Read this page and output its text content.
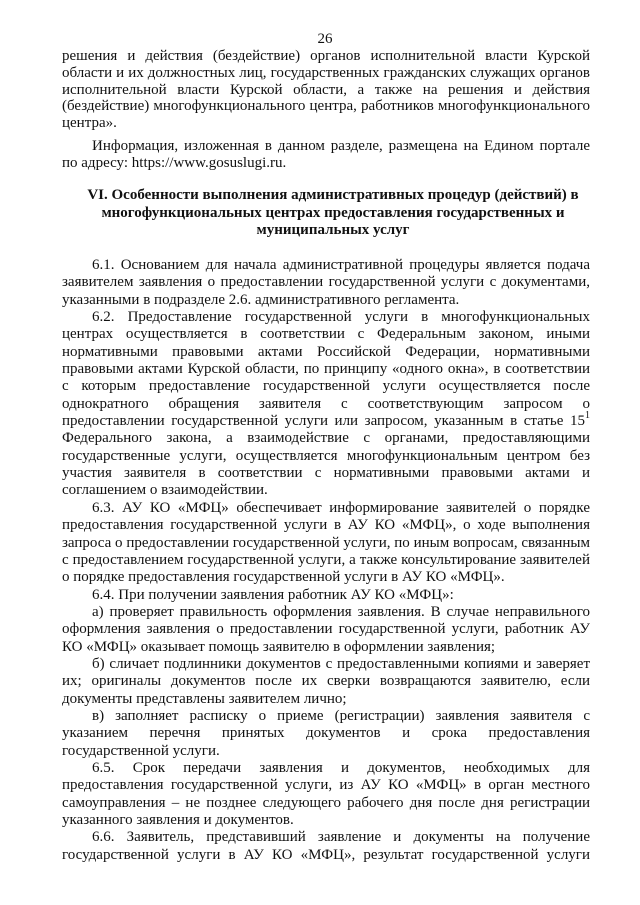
26
решения и действия (бездействие) органов исполнительной власти Курской
области и их должностных лиц, государственных гражданских служащих органов
исполнительной власти Курской области, а также на решения и действия
(бездействие) многофункционального центра, работников многофункционального
центра».
Информация, изложенная в данном разделе, размещена на Едином портале
по адресу: https://www.gosuslugi.ru.
VI. Особенности выполнения административных процедур (действий) в
многофункциональных центрах предоставления государственных и
муниципальных услуг
6.1. Основанием для начала административной процедуры является подача
заявителем заявления о предоставлении государственной услуги с документами,
указанными в подразделе 2.6. административного регламента.
6.2. Предоставление государственной услуги в многофункциональных
центрах осуществляется в соответствии с Федеральным законом, иными
нормативными правовыми актами Российской Федерации, нормативными
правовыми актами Курской области, по принципу «одного окна», в соответствии
с которым предоставление государственной услуги осуществляется после
однократного обращения заявителя с соответствующим запросом о
предоставлении государственной услуги или запросом, указанным в статье $15^1$
Федерального закона, а взаимодействие с органами, предоставляющими
государственные услуги, осуществляется многофункциональным центром без
участия заявителя в соответствии с нормативными правовыми актами и
соглашением о взаимодействии.
6.3. АУ КО «МФЦ» обеспечивает информирование заявителей о порядке
предоставления государственной услуги в АУ КО «МФЦ», о ходе выполнения
запроса о предоставлении государственной услуги, по иным вопросам, связанным
с предоставлением государственной услуги, а также консультирование заявителей
о порядке предоставления государственной услуги в АУ КО «МФЦ».
6.4. При получении заявления работник АУ КО «МФЦ»:
а) проверяет правильность оформления заявления. В случае неправильного
оформления заявления о предоставлении государственной услуги, работник АУ
КО «МФЦ» оказывает помощь заявителю в оформлении заявления;
б) сличает подлинники документов с предоставленными копиями и заверяет
их; оригиналы документов после их сверки возвращаются заявителю, если
документы представлены заявителем лично;
в) заполняет расписку о приеме (регистрации) заявления заявителя с
указанием перечня принятых документов и срока предоставления
государственной услуги.
6.5. Срок передачи заявления и документов, необходимых для
предоставления государственной услуги, из АУ КО «МФЦ» в орган местного
самоуправления – не позднее следующего рабочего дня после дня регистрации
указанного заявления и документов.
6.6. Заявитель, представивший заявление и документы на получение
государственной услуги в АУ КО «МФЦ», результат государственной услуги
